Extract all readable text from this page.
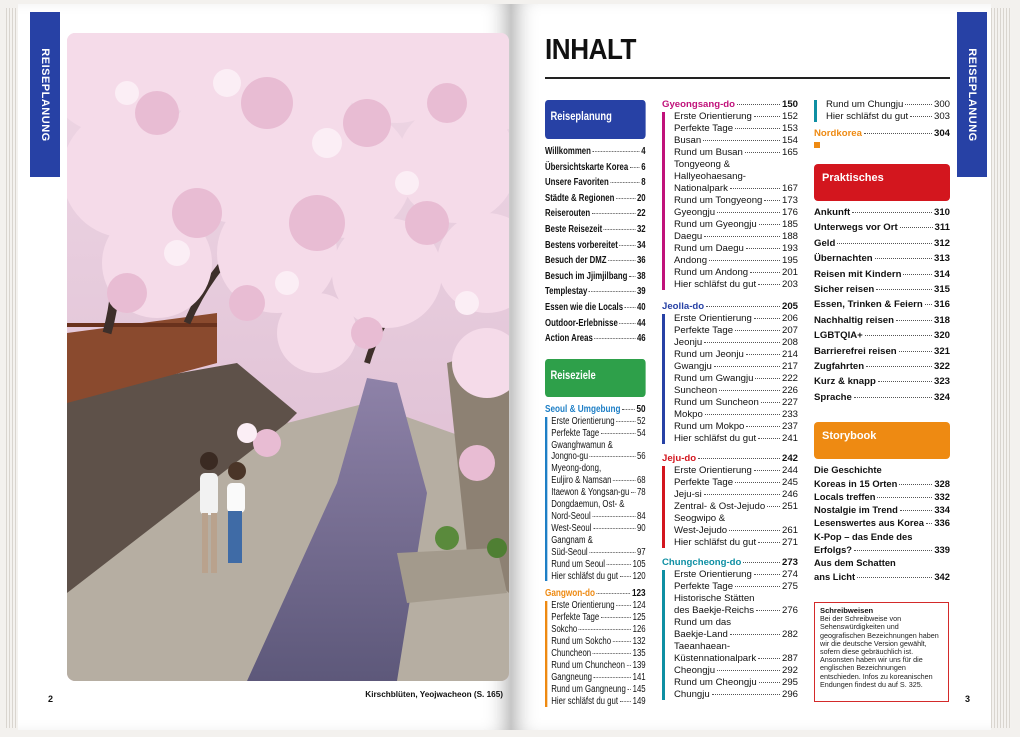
REISEPLANUNG
2	Kirschblüten, Yeojwacheon (S. 165)
INHALT	REISEPLANUNG
3
Reiseplanung
Willkommen	4
Übersichtskarte Korea 6
Unsere Favoriten	8
Städte & Regionen 20
Reiserouten	22
Beste Reisezeit	32
Bestens vorbereitet 34
Besuch der DMZ	36
Besuch im Jjimjilbang 38
Templestay	39
Essen wie die Locals 40
Outdoor-Erlebnisse 44
Action Areas	46
Reiseziele
Seoul & Umgebung 50
Erste Orientierung 52
Perfekte Tage	54
Gwanghwamun &
Jongno-gu	56
Myeong-dong,
Euljiro & Namsan	68
Itaewon & Yongsan-gu 78
Dongdaemun, Ost- &
Nord-Seoul	84
West-Seoul	90
Gangnam &
Süd-Seoul	97
Rund um Seoul	105
Hier schläfst du gut 120
Gangwon-do	123
Erste Orientierung 124
Perfekte Tage	125
Sokcho	126
Rund um Sokcho 132
Chuncheon	135
Rund um Chuncheon 139
Gangneung	141
Rund um Gangneung 145
Hier schläfst du gut 149
Gyeongsang-do	150
Erste Orientierung	152
Perfekte Tage	153
Busan	154
Rund um Busan	165
Tongyeong &
Hallyeohaesang-
Nationalpark	167
Rund um Tongyeong 173
Gyeongju	176
Rund um Gyeongju	185
Daegu	188
Rund um Daegu	193
Andong	195
Rund um Andong	201
Hier schläfst du gut	203
Jeolla-do	205
Erste Orientierung	206
Perfekte Tage	207
Jeonju	208
Rund um Jeonju	214
Gwangju	217
Rund um Gwangju	222
Suncheon	226
Rund um Suncheon 227
Mokpo	233
Rund um Mokpo	237
Hier schläfst du gut	241
Jeju-do	242
Erste Orientierung	244
Perfekte Tage	245
Jeju-si	246
Zentral- & Ost-Jejudo 251
Seogwipo &
West-Jejudo	261
Hier schläfst du gut	271
Chungcheong-do	273
Erste Orientierung	274
Perfekte Tage	275
Historische Stätten
des Baekje-Reichs	276
Rund um das
Baekje-Land	282
Taeanhaean-
Küstennationalpark	287
Cheongju	292
Rund um Cheongju	295
Chungju	296
Rund um Chungju	300
Hier schläfst du gut	303
Nordkorea	304
Praktisches
Ankunft	310
Unterwegs vor Ort	311
Geld	312
Übernachten	313
Reisen mit Kindern	314
Sicher reisen	315
Essen, Trinken & Feiern 316
Nachhaltig reisen	318
LGBTQIA+	320
Barrierefrei reisen	321
Zugfahrten	322
Kurz & knapp	323
Sprache	324
Storybook
Die Geschichte
Koreas in 15 Orten	328
Locals treffen	332
Nostalgie im Trend	334
Lesenswertes aus Korea 336
K-Pop – das Ende des
Erfolgs?	339
Aus dem Schatten
ans Licht	342
Schreibweisen
Bei der Schreibweise von Sehenswürdigkeiten und geografischen Bezeichnungen haben wir die deutsche Version gewählt, sofern diese gebräuchlich ist. Ansonsten haben wir uns für die englischen Bezeichnungen entschieden. Infos zu koreanischen Endungen findest du auf S. 325.
